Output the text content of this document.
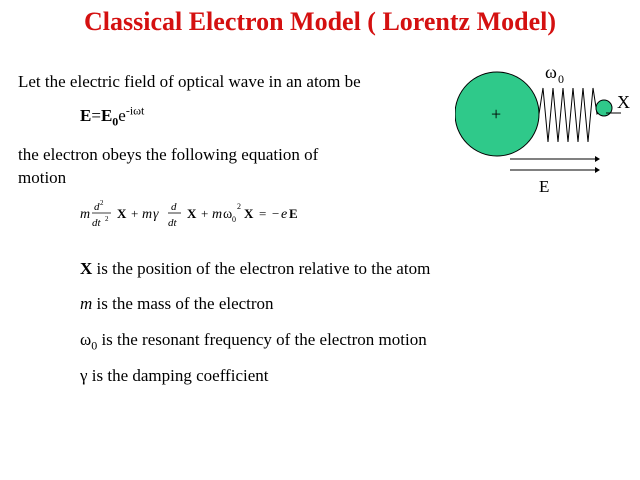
Classical Electron Model ( Lorentz Model)
Let the electric field of optical wave in an atom be
$E=E_0e^{-i\omega t}$
the electron obeys the following equation of
motion
m d 2
dt 2 X + m γ d
dt
X + m ω 0
2 X = − e E
X is the position of the electron relative to the atom
m is the mass of the electron
$\omega_0$ is the resonant frequency of the electron motion
γ is the damping coefficient
+
ω 0
X
E
